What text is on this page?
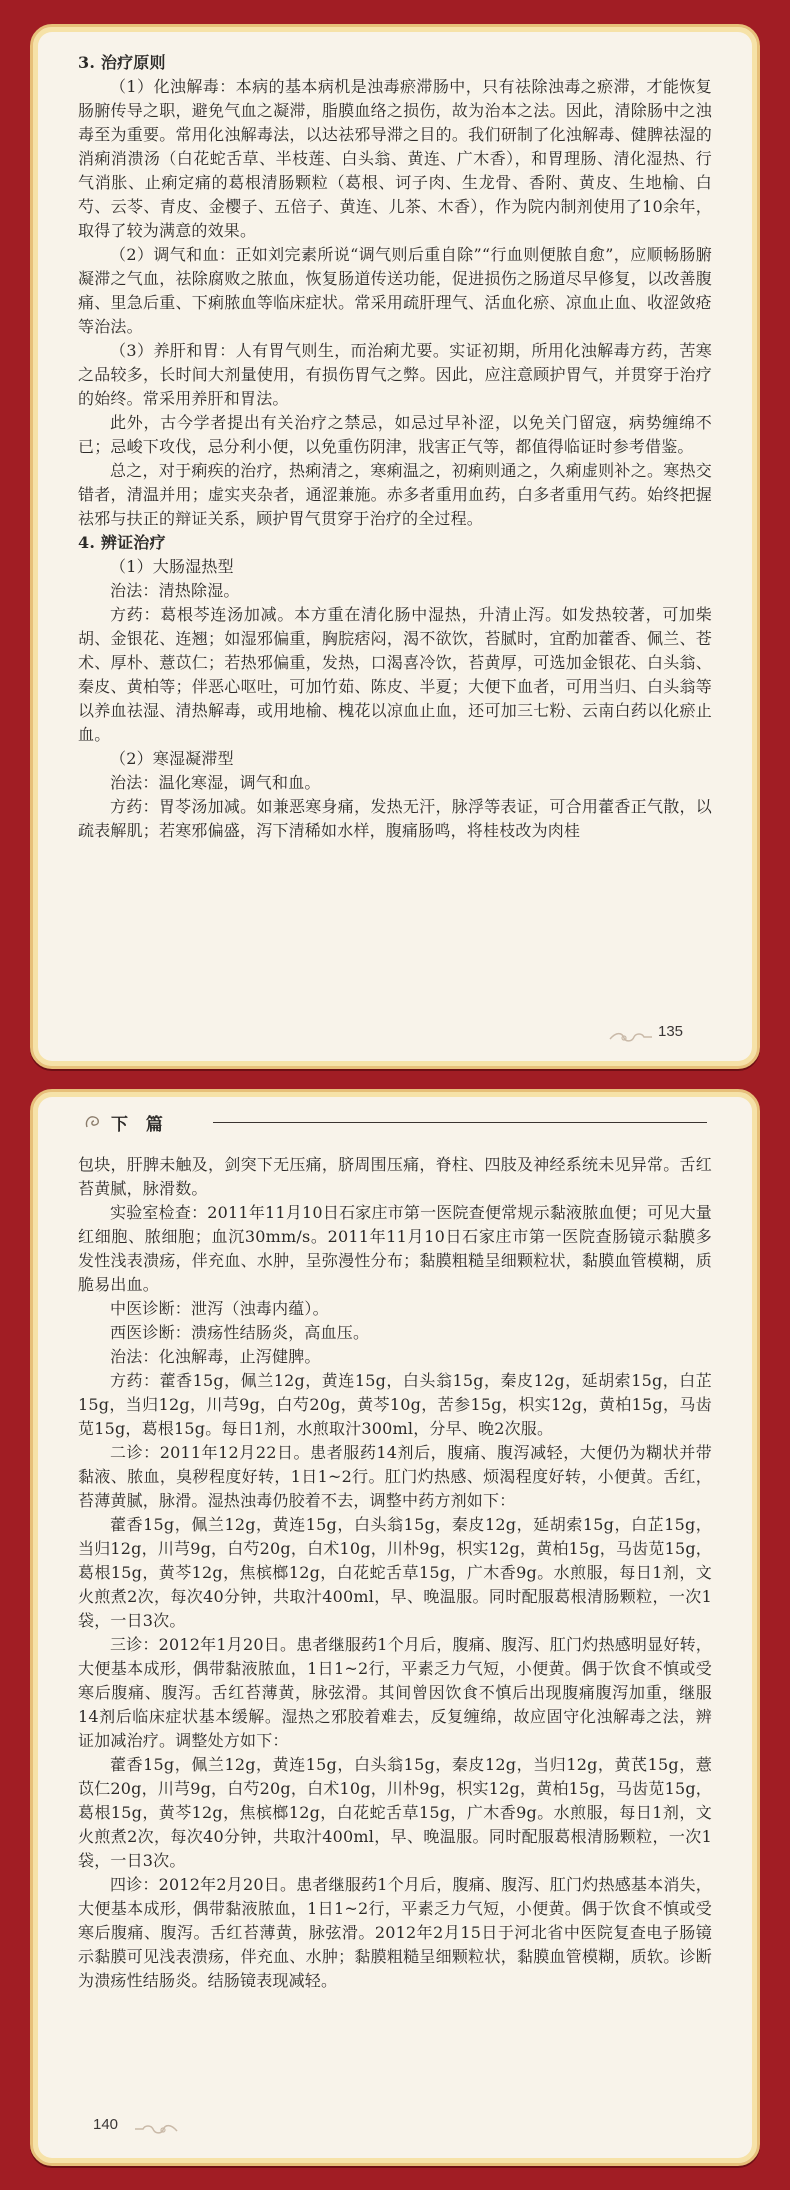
3. 治疗原则

（1）化浊解毒：本病的基本病机是浊毒瘀滞肠中，只有祛除浊毒之瘀滞，才能恢复肠腑传导之职，避免气血之凝滞，脂膜血络之损伤，故为治本之法。因此，清除肠中之浊毒至为重要。常用化浊解毒法，以达祛邪导滞之目的。我们研制了化浊解毒、健脾祛湿的消痢消溃汤（白花蛇舌草、半枝莲、白头翁、黄连、广木香），和胃理肠、清化湿热、行气消胀、止痢定痛的葛根清肠颗粒（葛根、诃子肉、生龙骨、香附、黄皮、生地榆、白芍、云苓、青皮、金樱子、五倍子、黄连、儿茶、木香），作为院内制剂使用了10余年，取得了较为满意的效果。

（2）调气和血：正如刘完素所说“调气则后重自除”“行血则便脓自愈”，应顺畅肠腑凝滞之气血，祛除腐败之脓血，恢复肠道传送功能，促进损伤之肠道尽早修复，以改善腹痛、里急后重、下痢脓血等临床症状。常采用疏肝理气、活血化瘀、凉血止血、收涩敛疮等治法。

（3）养肝和胃：人有胃气则生，而治痢尤要。实证初期，所用化浊解毒方药，苦寒之品较多，长时间大剂量使用，有损伤胃气之弊。因此，应注意顾护胃气，并贯穿于治疗的始终。常采用养肝和胃法。

此外，古今学者提出有关治疗之禁忌，如忌过早补涩，以免关门留寇，病势缠绵不已；忌峻下攻伐，忌分利小便，以免重伤阴津，戕害正气等，都值得临证时参考借鉴。

总之，对于痢疾的治疗，热痢清之，寒痢温之，初痢则通之，久痢虚则补之。寒热交错者，清温并用；虚实夹杂者，通涩兼施。赤多者重用血药，白多者重用气药。始终把握祛邪与扶正的辩证关系，顾护胃气贯穿于治疗的全过程。

4. 辨证治疗

（1）大肠湿热型

治法：清热除湿。

方药：葛根芩连汤加减。本方重在清化肠中湿热，升清止泻。如发热较著，可加柴胡、金银花、连翘；如湿邪偏重，胸脘痞闷，渴不欲饮，苔腻时，宜酌加藿香、佩兰、苍术、厚朴、薏苡仁；若热邪偏重，发热，口渴喜冷饮，苔黄厚，可选加金银花、白头翁、秦皮、黄柏等；伴恶心呕吐，可加竹茹、陈皮、半夏；大便下血者，可用当归、白头翁等以养血祛湿、清热解毒，或用地榆、槐花以凉血止血，还可加三七粉、云南白药以化瘀止血。

（2）寒湿凝滞型

治法：温化寒湿，调气和血。

方药：胃苓汤加减。如兼恶寒身痛，发热无汗，脉浮等表证，可合用藿香正气散，以疏表解肌；若寒邪偏盛，泻下清稀如水样，腹痛肠鸣，将桂枝改为肉桂

135
下 篇

包块，肝脾未触及，剑突下无压痛，脐周围压痛，脊柱、四肢及神经系统未见异常。舌红苔黄腻，脉滑数。

实验室检查：2011年11月10日石家庄市第一医院查便常规示黏液脓血便；可见大量红细胞、脓细胞；血沉30mm/s。2011年11月10日石家庄市第一医院查肠镜示黏膜多发性浅表溃疡，伴充血、水肿，呈弥漫性分布；黏膜粗糙呈细颗粒状，黏膜血管模糊，质脆易出血。

中医诊断：泄泻（浊毒内蕴）。

西医诊断：溃疡性结肠炎，高血压。

治法：化浊解毒，止泻健脾。

方药：藿香15g，佩兰12g，黄连15g，白头翁15g，秦皮12g，延胡索15g，白芷15g，当归12g，川芎9g，白芍20g，黄芩10g，苦参15g，枳实12g，黄柏15g，马齿苋15g，葛根15g。每日1剂，水煎取汁300ml，分早、晚2次服。

二诊：2011年12月22日。患者服药14剂后，腹痛、腹泻减轻，大便仍为糊状并带黏液、脓血，臭秽程度好转，1日1~2行。肛门灼热感、烦渴程度好转，小便黄。舌红，苔薄黄腻，脉滑。湿热浊毒仍胶着不去，调整中药方剂如下：

藿香15g，佩兰12g，黄连15g，白头翁15g，秦皮12g，延胡索15g，白芷15g，当归12g，川芎9g，白芍20g，白术10g，川朴9g，枳实12g，黄柏15g，马齿苋15g，葛根15g，黄芩12g，焦槟榔12g，白花蛇舌草15g，广木香9g。水煎服，每日1剂，文火煎煮2次，每次40分钟，共取汁400ml，早、晚温服。同时配服葛根清肠颗粒，一次1袋，一日3次。

三诊：2012年1月20日。患者继服药1个月后，腹痛、腹泻、肛门灼热感明显好转，大便基本成形，偶带黏液脓血，1日1~2行，平素乏力气短，小便黄。偶于饮食不慎或受寒后腹痛、腹泻。舌红苔薄黄，脉弦滑。其间曾因饮食不慎后出现腹痛腹泻加重，继服14剂后临床症状基本缓解。湿热之邪胶着难去，反复缠绵，故应固守化浊解毒之法，辨证加减治疗。调整处方如下：

藿香15g，佩兰12g，黄连15g，白头翁15g，秦皮12g，当归12g，黄芪15g，薏苡仁20g，川芎9g，白芍20g，白术10g，川朴9g，枳实12g，黄柏15g，马齿苋15g，葛根15g，黄芩12g，焦槟榔12g，白花蛇舌草15g，广木香9g。水煎服，每日1剂，文火煎煮2次，每次40分钟，共取汁400ml，早、晚温服。同时配服葛根清肠颗粒，一次1袋，一日3次。

四诊：2012年2月20日。患者继服药1个月后，腹痛、腹泻、肛门灼热感基本消失，大便基本成形，偶带黏液脓血，1日1~2行，平素乏力气短，小便黄。偶于饮食不慎或受寒后腹痛、腹泻。舌红苔薄黄，脉弦滑。2012年2月15日于河北省中医院复查电子肠镜示黏膜可见浅表溃疡，伴充血、水肿；黏膜粗糙呈细颗粒状，黏膜血管模糊，质软。诊断为溃疡性结肠炎。结肠镜表现减轻。

140
